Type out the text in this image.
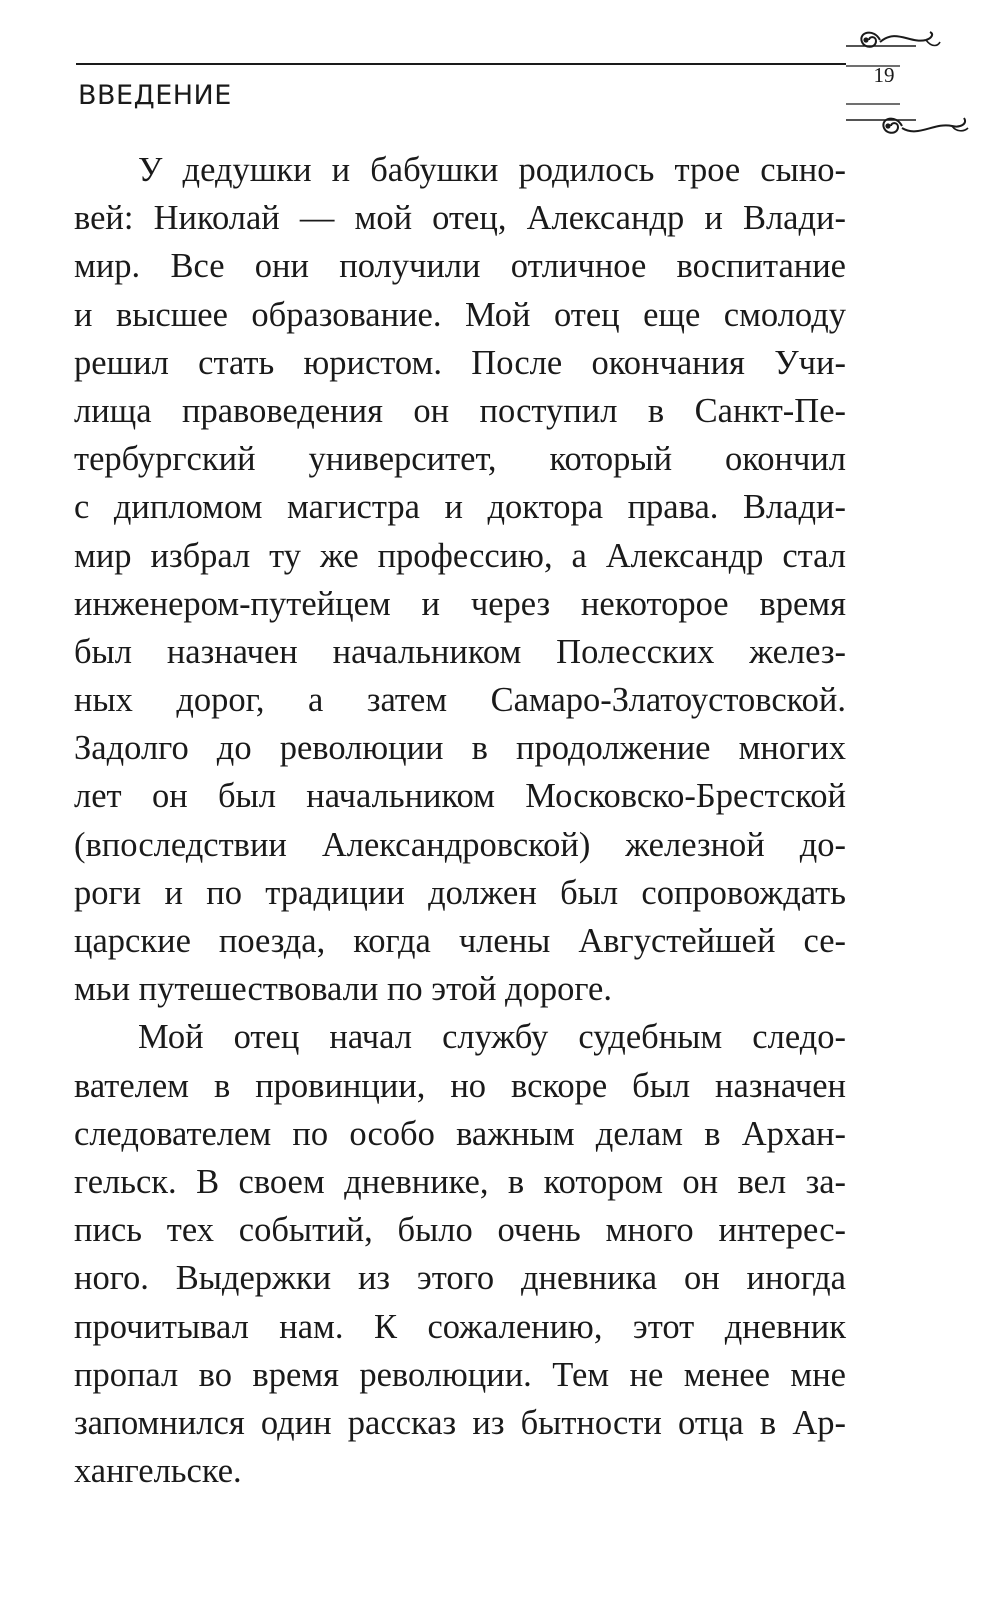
ВВЕДЕНИЕ
19
У дедушки и бабушки родилось трое сыно-
вей: Николай — мой отец, Александр и Влади-
мир. Все они получили отличное воспитание
и высшее образование. Мой отец еще смолоду
решил стать юристом. После окончания Учи-
лища правоведения он поступил в Санкт-Пе-
тербургский университет, который окончил
с дипломом магистра и доктора права. Влади-
мир избрал ту же профессию, а Александр стал
инженером-путейцем и через некоторое время
был назначен начальником Полесских желез-
ных дорог, а затем Самаро-Златоустовской.
Задолго до революции в продолжение многих
лет он был начальником Московско-Брестской
(впоследствии Александровской) железной до-
роги и по традиции должен был сопровождать
царские поезда, когда члены Августейшей се-
мьи путешествовали по этой дороге.
Мой отец начал службу судебным следо-
вателем в провинции, но вскоре был назначен
следователем по особо важным делам в Архан-
гельск. В своем дневнике, в котором он вел за-
пись тех событий, было очень много интерес-
ного. Выдержки из этого дневника он иногда
прочитывал нам. К сожалению, этот дневник
пропал во время революции. Тем не менее мне
запомнился один рассказ из бытности отца в Ар-
хангельске.
